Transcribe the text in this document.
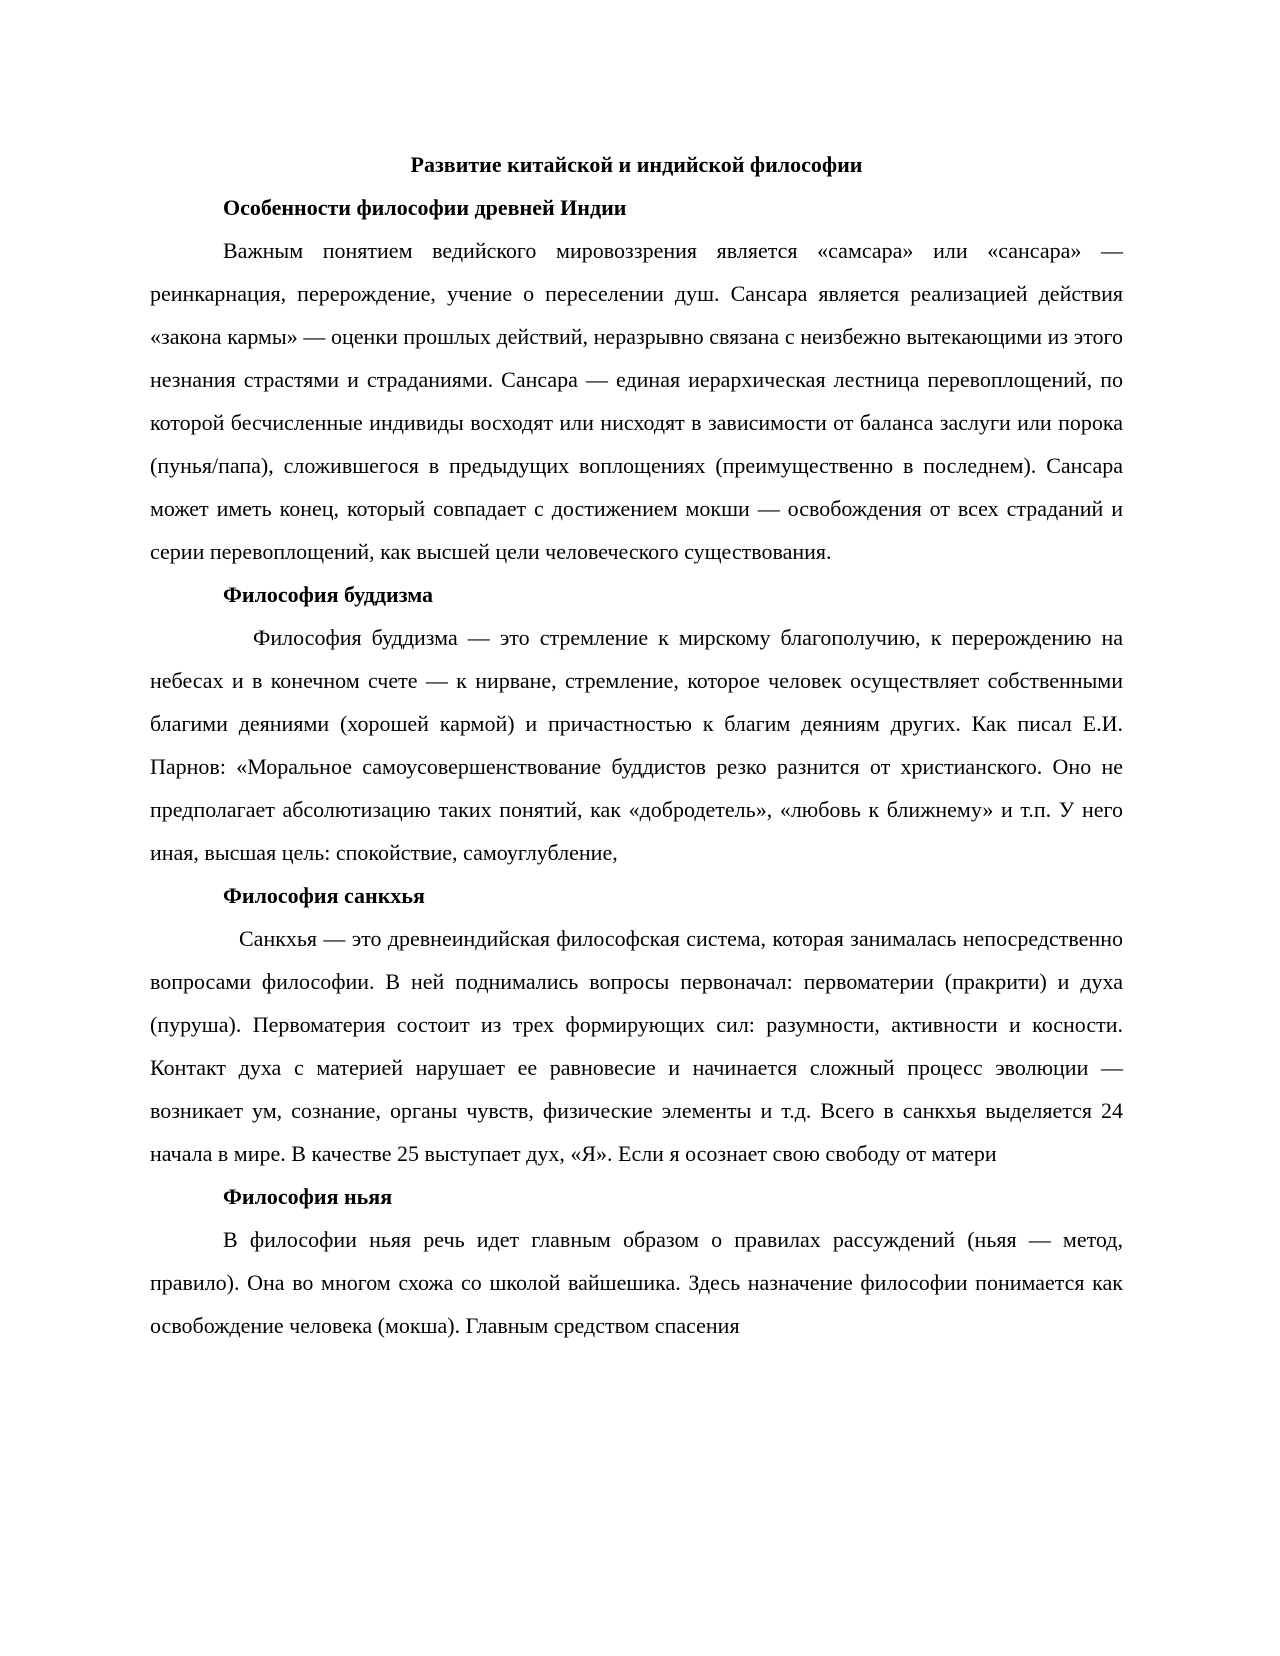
Развитие китайской и индийской философии

Особенности философии древней Индии

Важным понятием ведийского мировоззрения является «самсара» или «сансара» — реинкарнация, перерождение, учение о переселении душ. Сансара является реализацией действия «закона кармы» — оценки прошлых действий, неразрывно связана с неизбежно вытекающими из этого незнания страстями и страданиями. Сансара — единая иерархическая лестница перевоплощений, по которой бесчисленные индивиды восходят или нисходят в зависимости от баланса заслуги или порока (пунья/папа), сложившегося в предыдущих воплощениях (преимущественно в последнем). Сансара может иметь конец, который совпадает с достижением мокши — освобождения от всех страданий и серии перевоплощений, как высшей цели человеческого существования.

Философия буддизма

Философия буддизма — это стремление к мирскому благополучию, к перерождению на небесах и в конечном счете — к нирване, стремление, которое человек осуществляет собственными благими деяниями (хорошей кармой) и причастностью к благим деяниям других. Как писал Е.И. Парнов: «Моральное самоусовершенствование буддистов резко разнится от христианского. Оно не предполагает абсолютизацию таких понятий, как «добродетель», «любовь к ближнему» и т.п. У него иная, высшая цель: спокойствие, самоуглубление,

Философия санкхья

Санкхья — это древнеиндийская философская система, которая занималась непосредственно вопросами философии. В ней поднимались вопросы первоначал: первоматерии (пракрити) и духа (пуруша). Первоматерия состоит из трех формирующих сил: разумности, активности и косности. Контакт духа с материей нарушает ее равновесие и начинается сложный процесс эволюции — возникает ум, сознание, органы чувств, физические элементы и т.д. Всего в санкхья выделяется 24 начала в мире. В качестве 25 выступает дух, «Я». Если я осознает свою свободу от матери

Философия ньяя

В философии ньяя речь идет главным образом о правилах рассуждений (ньяя — метод, правило). Она во многом схожа со школой вайшешика. Здесь назначение философии понимается как освобождение человека (мокша). Главным средством спасения
